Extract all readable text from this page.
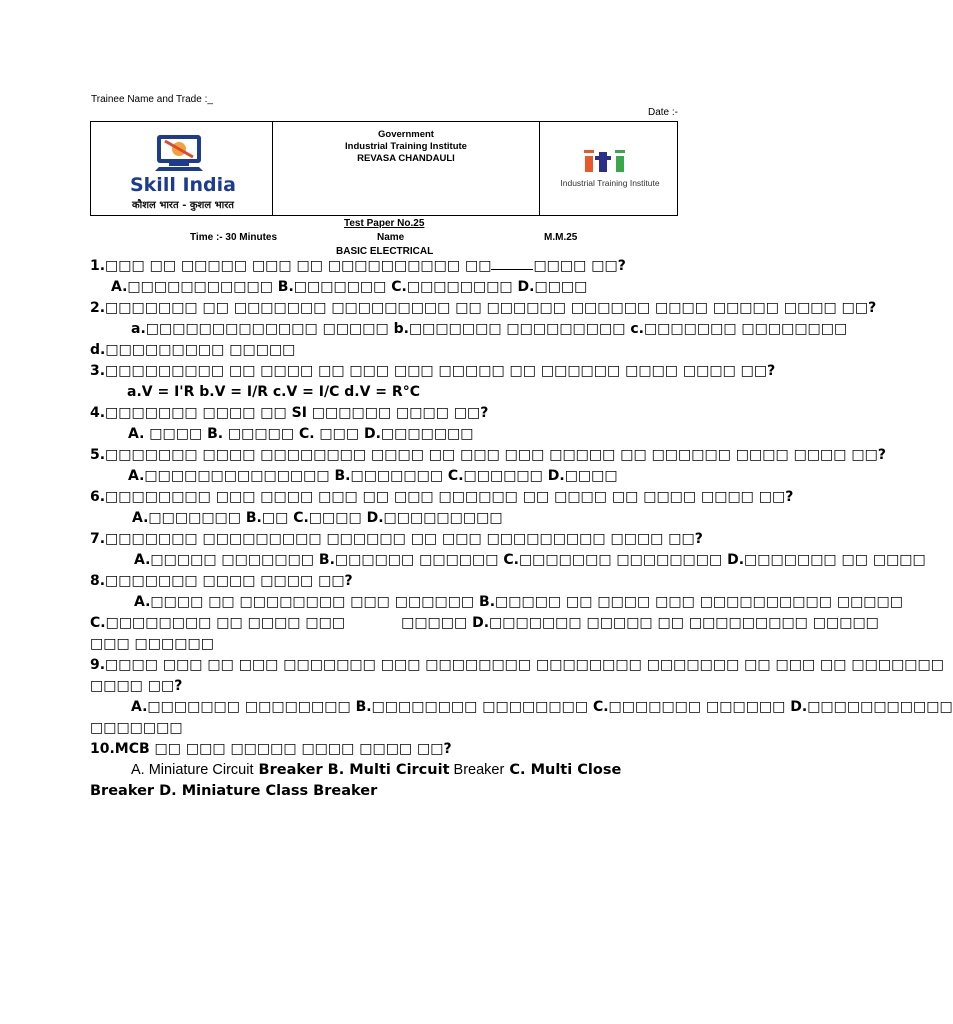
Trainee Name and Trade :_
Date :-
Skill India
कौशल भारत - कुशल भारत
Government
Industrial Training Institute
REVASA CHANDAULI
Industrial Training Institute
Test Paper No.25
Time :- 30 Minutes	Name	M.M.25
BASIC ELECTRICAL
1.□□□ □□ □□□□□ □□□ □□ □□□□□□□□□□ □□	□□□□ □□?
A.□□□□□□□□□□□ B.□□□□□□□ C.□□□□□□□□ D.□□□□
2.□□□□□□□ □□ □□□□□□□ □□□□□□□□□ □□ □□□□□□ □□□□□□ □□□□ □□□□□ □□□□ □□?
a.□□□□□□□□□□□□□ □□□□□ b.□□□□□□□ □□□□□□□□□ c.□□□□□□□ □□□□□□□□
d.□□□□□□□□□ □□□□□
3.□□□□□□□□□ □□ □□□□ □□ □□□ □□□ □□□□□ □□ □□□□□□ □□□□ □□□□ □□?
a.V = I'R b.V = I/R c.V = I/C d.V = R°C
4.□□□□□□□ □□□□ □□ SI □□□□□□ □□□□ □□?
A. □□□□ B. □□□□□ C. □□□ D.□□□□□□□
5.□□□□□□□ □□□□ □□□□□□□□ □□□□ □□ □□□ □□□ □□□□□ □□ □□□□□□ □□□□ □□□□ □□?
A.□□□□□□□□□□□□□□ B.□□□□□□□ C.□□□□□□ D.□□□□
6.□□□□□□□□ □□□ □□□□ □□□ □□ □□□ □□□□□□ □□ □□□□ □□ □□□□ □□□□ □□?
A.□□□□□□□ B.□□ C.□□□□ D.□□□□□□□□□
7.□□□□□□□ □□□□□□□□□ □□□□□□ □□ □□□ □□□□□□□□□ □□□□ □□?
A.□□□□□ □□□□□□□ B.□□□□□□ □□□□□□ C.□□□□□□□ □□□□□□□□ D.□□□□□□□ □□ □□□□
8.□□□□□□□ □□□□ □□□□ □□?
A.□□□□ □□ □□□□□□□□ □□□ □□□□□□ B.□□□□□ □□ □□□□ □□□ □□□□□□□□□□ □□□□□
C.□□□□□□□□ □□ □□□□ □□□	□□□□□ D.□□□□□□□ □□□□□ □□ □□□□□□□□□ □□□□□
□□□ □□□□□□
9.□□□□ □□□ □□ □□□ □□□□□□□ □□□ □□□□□□□□ □□□□□□□□ □□□□□□□ □□ □□□ □□ □□□□□□□
□□□□ □□?
A.□□□□□□□ □□□□□□□□ B.□□□□□□□□ □□□□□□□□ C.□□□□□□□ □□□□□□ D.□□□□□□□□□□□
□□□□□□□
10.MCB □□ □□□ □□□□□ □□□□ □□□□ □□?
A. Miniature Circuit Breaker B. Multi Circuit Breaker C. Multi Close
Breaker D. Miniature Class Breaker
